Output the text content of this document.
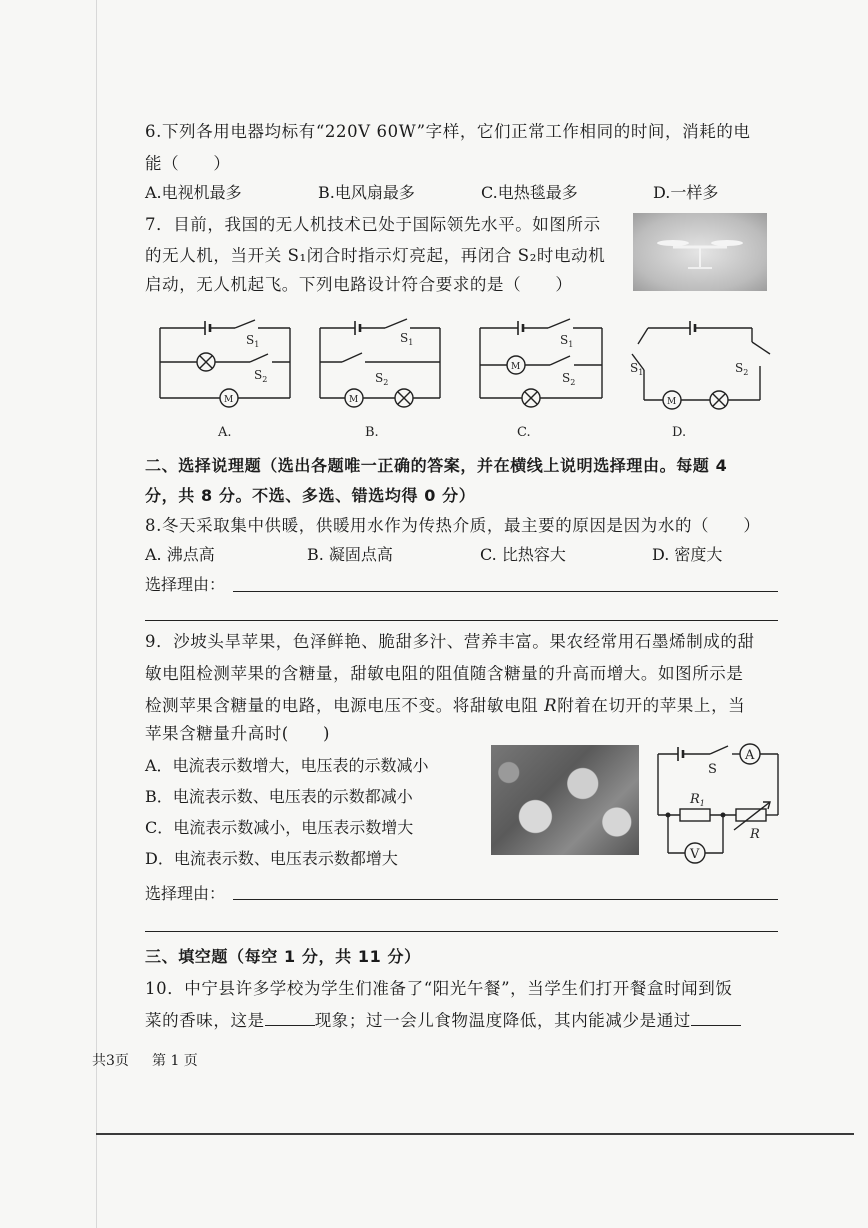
6.下列各用电器均标有“220V 60W”字样，它们正常工作相同的时间，消耗的电
能（　　）
A.电视机最多	B.电风扇最多	C.电热毯最多	D.一样多
7．目前，我国的无人机技术已处于国际领先水平。如图所示
的无人机，当开关 S₁闭合时指示灯亮起，再闭合 S₂时电动机
启动，无人机起飞。下列电路设计符合要求的是（　　）
$S_1$
$S_2$
M
$S_1$
$S_2$
M
$S_1$
$S_2$
M	$S_1$	$S_2$
M
A.	B.	C.	D.
二、选择说理题（选出各题唯一正确的答案，并在横线上说明选择理由。每题 4
分，共 8 分。不选、多选、错选均得 0 分）
8.冬天采取集中供暖，供暖用水作为传热介质，最主要的原因是因为水的（　　）
A. 沸点高	B. 凝固点高	C. 比热容大	D. 密度大
选择理由：
9．沙坡头旱苹果，色泽鲜艳、脆甜多汁、营养丰富。果农经常用石墨烯制成的甜
敏电阻检测苹果的含糖量，甜敏电阻的阻值随含糖量的升高而增大。如图所示是
检测苹果含糖量的电路，电源电压不变。将甜敏电阻 R附着在切开的苹果上，当
苹果含糖量升高时(　　)
A．电流表示数增大，电压表的示数减小
B．电流表示数、电压表的示数都减小
C．电流表示数减小，电压表示数增大
D．电流表示数、电压表示数都增大
S
A
V
$R_1$
R
选择理由：
三、填空题（每空 1 分，共 11 分）
10．中宁县许多学校为学生们准备了“阳光午餐”，当学生们打开餐盒时闻到饭
菜的香味，这是	现象；过一会儿食物温度降低，其内能减少是通过
共3页 第 1 页
